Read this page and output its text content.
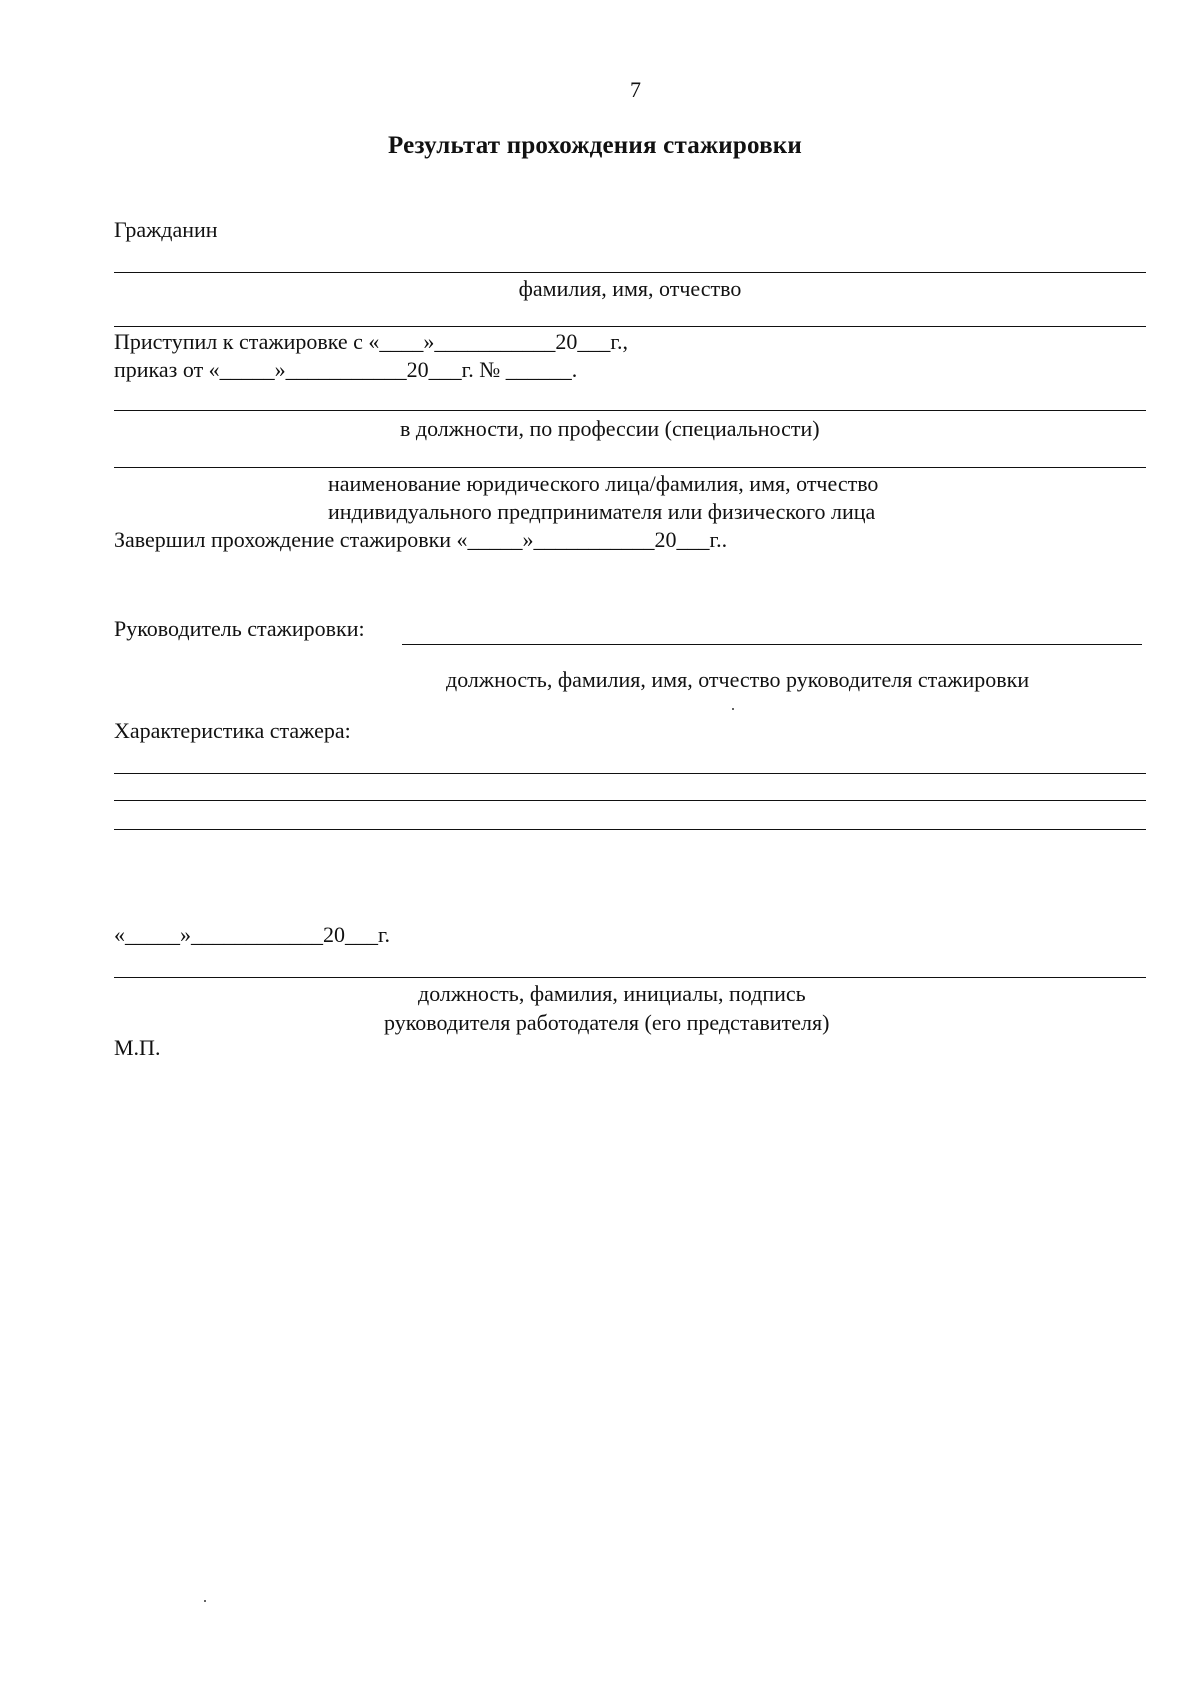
7
Результат прохождения стажировки
Гражданин
фамилия, имя, отчество
Приступил к стажировке с «____»___________20___г.,
приказ от «_____»___________20___г. № ______.
в должности, по профессии (специальности)
наименование юридического лица/фамилия, имя, отчество
индивидуального предпринимателя или физического лица
Завершил прохождение стажировки «_____»___________20___г..
Руководитель стажировки:
должность, фамилия, имя, отчество руководителя стажировки
Характеристика стажера:
«_____»____________20___г.
должность, фамилия, инициалы, подпись
руководителя работодателя (его представителя)
М.П.
